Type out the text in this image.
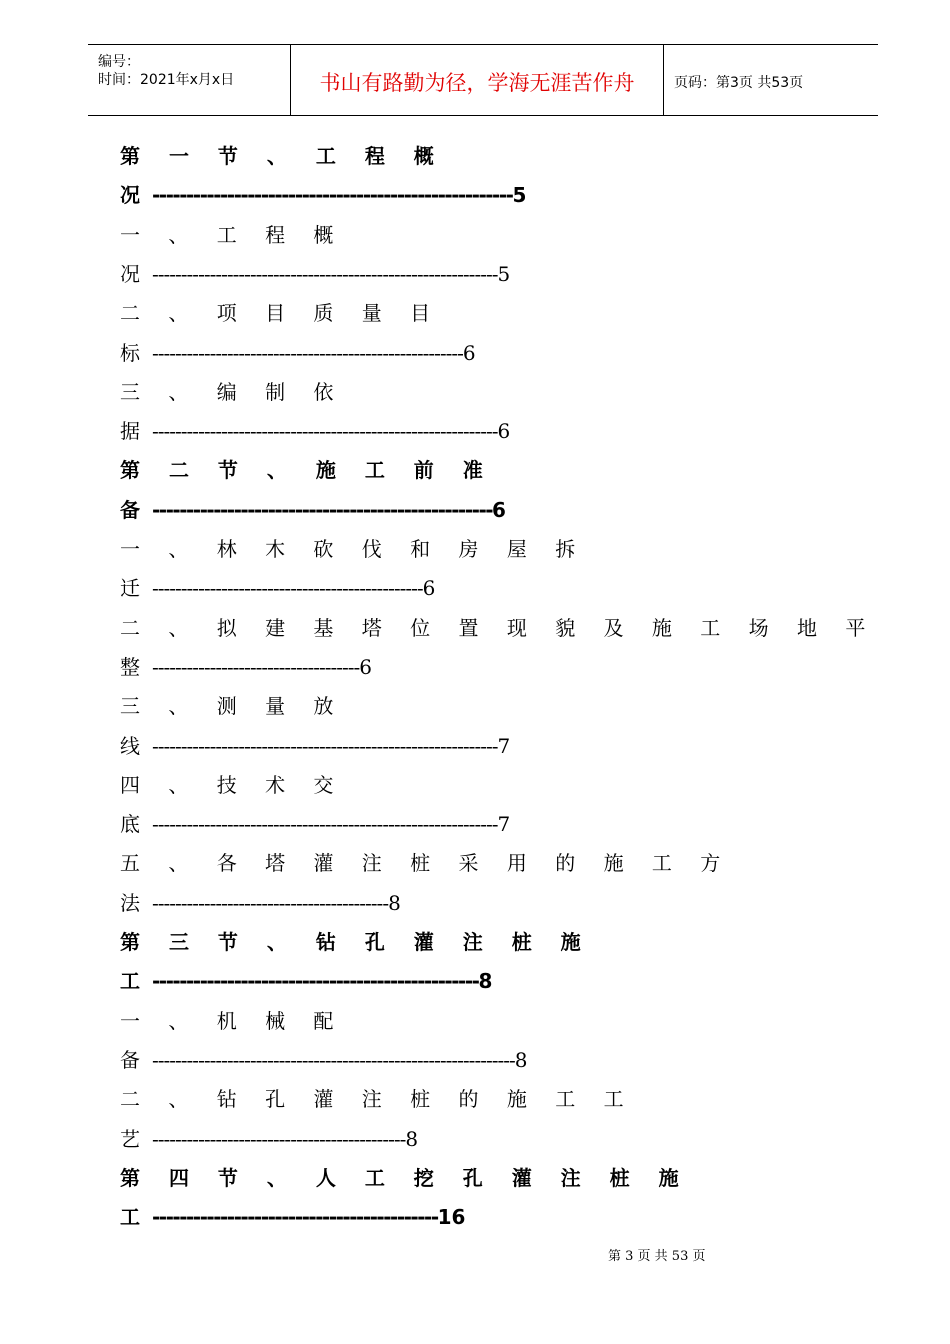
编号：
时间：2021年x月x日	书山有路勤为径，学海无涯苦作舟	页码：第3页 共53页
第 一 节 、 工 程 概
况 -----------------------------------------------------5
一 、 工 程 概
况 ------------------------------------------------------------5
二 、 项 目 质 量 目
标 ------------------------------------------------------6
三 、 编 制 依
据 ------------------------------------------------------------6
第 二 节 、 施 工 前 准
备 --------------------------------------------------6
一 、 林 木 砍 伐 和 房 屋 拆
迁 -----------------------------------------------6
二 、 拟 建 基 塔 位 置 现 貌 及 施 工 场 地 平
整 ------------------------------------6
三 、 测 量 放
线 ------------------------------------------------------------7
四 、 技 术 交
底 ------------------------------------------------------------7
五 、 各 塔 灌 注 桩 采 用 的 施 工 方
法 -----------------------------------------8
第 三 节 、 钻 孔 灌 注 桩 施
工 ------------------------------------------------8
一 、 机 械 配
备 ---------------------------------------------------------------8
二 、 钻 孔 灌 注 桩 的 施 工 工
艺 --------------------------------------------8
第 四 节 、 人 工 挖 孔 灌 注 桩 施
工 ------------------------------------------16
第 3 页 共 53 页
